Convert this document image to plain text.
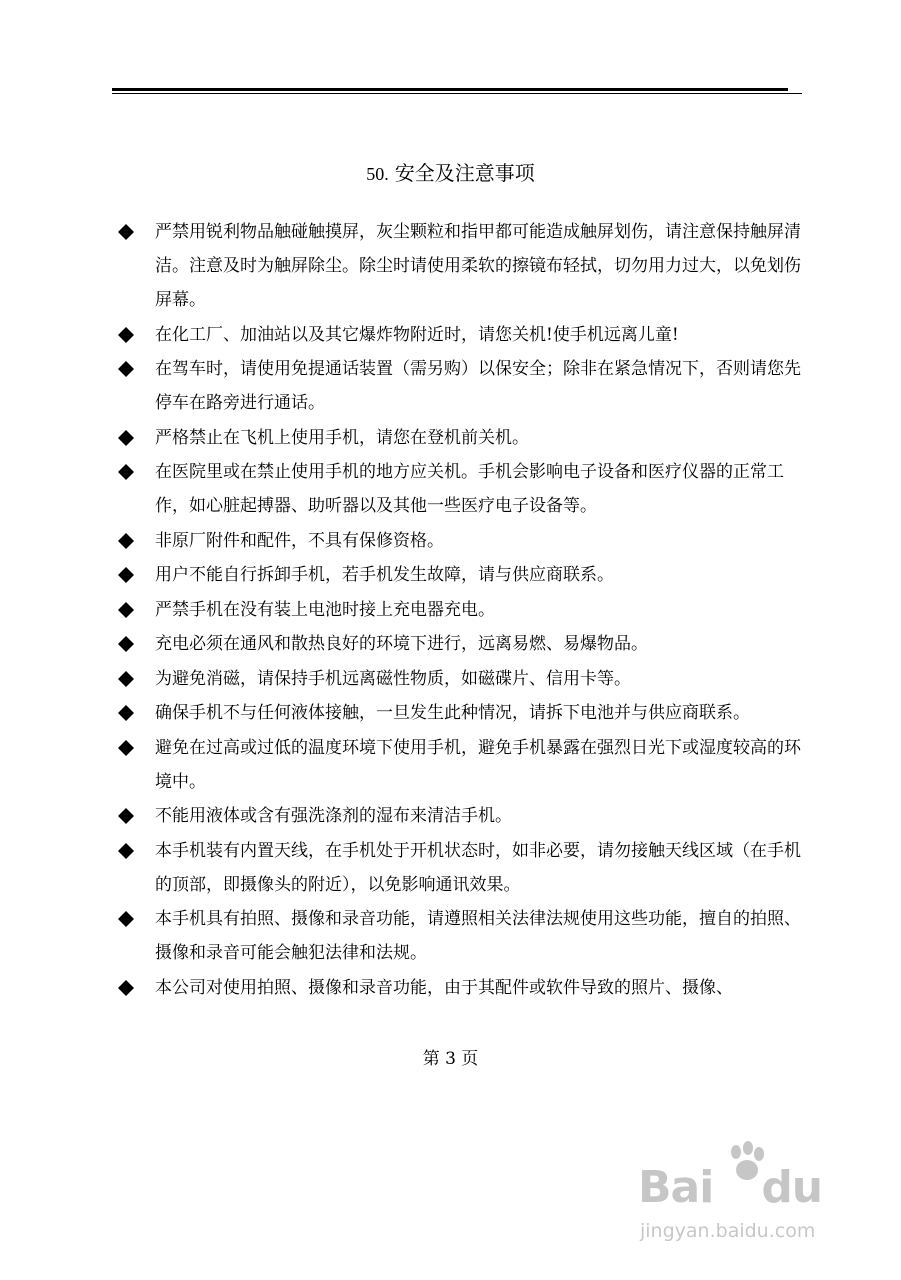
50. 安全及注意事项
严禁用锐利物品触碰触摸屏，灰尘颗粒和指甲都可能造成触屏划伤，请注意保持触屏清洁。注意及时为触屏除尘。除尘时请使用柔软的擦镜布轻拭，切勿用力过大，以免划伤屏幕。
在化工厂、加油站以及其它爆炸物附近时，请您关机!使手机远离儿童!
在驾车时，请使用免提通话装置（需另购）以保安全；除非在紧急情况下，否则请您先停车在路旁进行通话。
严格禁止在飞机上使用手机，请您在登机前关机。
在医院里或在禁止使用手机的地方应关机。手机会影响电子设备和医疗仪器的正常工作，如心脏起搏器、助听器以及其他一些医疗电子设备等。
非原厂附件和配件，不具有保修资格。
用户不能自行拆卸手机，若手机发生故障，请与供应商联系。
严禁手机在没有装上电池时接上充电器充电。
充电必须在通风和散热良好的环境下进行，远离易燃、易爆物品。
为避免消磁，请保持手机远离磁性物质，如磁碟片、信用卡等。
确保手机不与任何液体接触，一旦发生此种情况，请拆下电池并与供应商联系。
避免在过高或过低的温度环境下使用手机，避免手机暴露在强烈日光下或湿度较高的环境中。
不能用液体或含有强洗涤剂的湿布来清洁手机。
本手机装有内置天线，在手机处于开机状态时，如非必要，请勿接触天线区域（在手机的顶部，即摄像头的附近），以免影响通讯效果。
本手机具有拍照、摄像和录音功能，请遵照相关法律法规使用这些功能，擅自的拍照、摄像和录音可能会触犯法律和法规。
本公司对使用拍照、摄像和录音功能，由于其配件或软件导致的照片、摄像、
第 3 页
Bai du
jingyan.baidu.com
